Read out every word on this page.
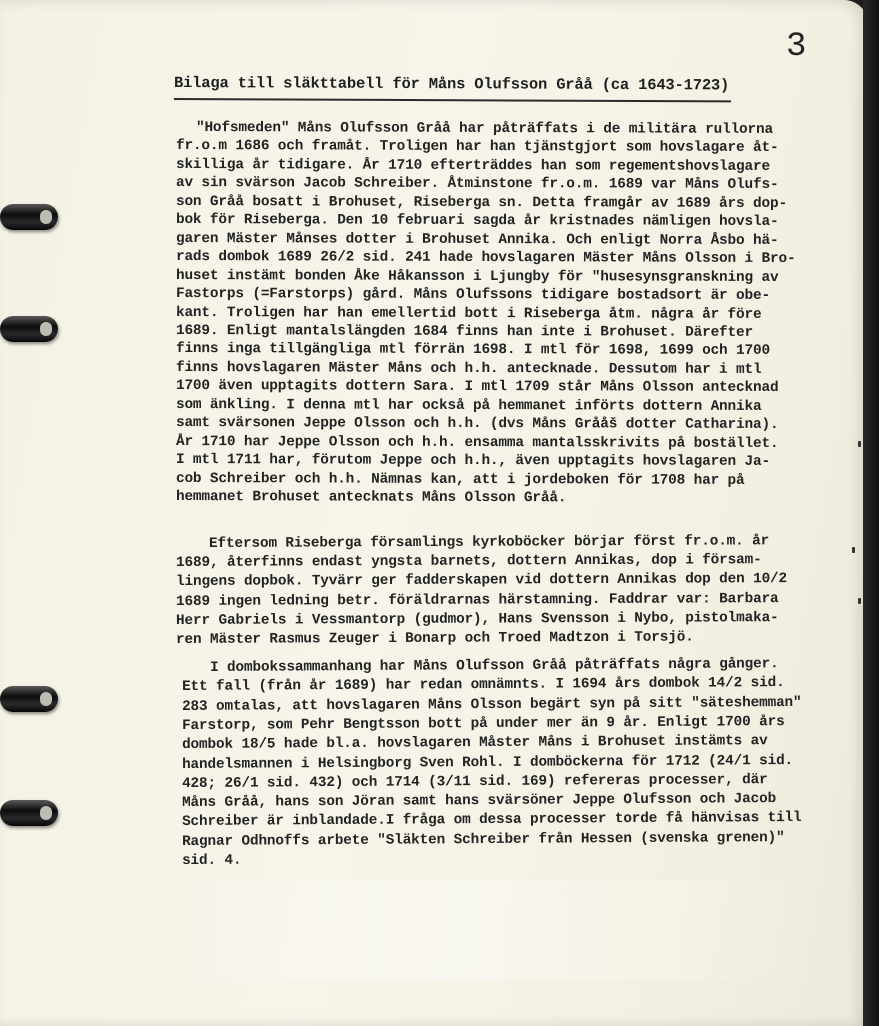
3
Bilaga till släkttabell för Måns Olufsson Gråå (ca 1643-1723)
"Hofsmeden" Måns Olufsson Gråå har påträffats i de militära rullorna
fr.o.m 1686 och framåt. Troligen har han tjänstgjort som hovslagare åt-
skilliga år tidigare. År 1710 efterträddes han som regementshovslagare
av sin svärson Jacob Schreiber. Åtminstone fr.o.m. 1689 var Måns Olufs-
son Gråå bosatt i Brohuset, Riseberga sn. Detta framgår av 1689 års dop-
bok för Riseberga. Den 10 februari sagda år kristnades nämligen hovsla-
garen Mäster Månses dotter i Brohuset Annika. Och enligt Norra Åsbo hä-
rads dombok 1689 26/2 sid. 241 hade hovslagaren Mäster Måns Olsson i Bro-
huset instämt bonden Åke Håkansson i Ljungby för "husesynsgranskning av
Fastorps (=Farstorps) gård. Måns Olufssons tidigare bostadsort är obe-
kant. Troligen har han emellertid bott i Riseberga åtm. några år före
1689. Enligt mantalslängden 1684 finns han inte i Brohuset. Därefter
finns inga tillgängliga mtl förrän 1698. I mtl för 1698, 1699 och 1700
finns hovslagaren Mäster Måns och h.h. antecknade. Dessutom har i mtl
1700 även upptagits dottern Sara. I mtl 1709 står Måns Olsson antecknad
som änkling. I denna mtl har också på hemmanet införts dottern Annika
samt svärsonen Jeppe Olsson och h.h. (dvs Måns Grååš dotter Catharina).
År 1710 har Jeppe Olsson och h.h. ensamma mantalsskrivits på bostället.
I mtl 1711 har, förutom Jeppe och h.h., även upptagits hovslagaren Ja-
cob Schreiber och h.h. Nämnas kan, att i jordeboken för 1708 har på
hemmanet Brohuset antecknats Måns Olsson Gråå.
Eftersom Riseberga församlings kyrkoböcker börjar först fr.o.m. år
1689, återfinns endast yngsta barnets, dottern Annikas, dop i försam-
lingens dopbok. Tyvärr ger fadderskapen vid dottern Annikas dop den 10/2
1689 ingen ledning betr. föräldrarnas härstamning. Faddrar var: Barbara
Herr Gabriels i Vessmantorp (gudmor), Hans Svensson i Nybo, pistolmaka-
ren Mäster Rasmus Zeuger i Bonarp och Troed Madtzon i Torsjö.
I dombokssammanhang har Måns Olufsson Gråå påträffats några gånger.
Ett fall (från år 1689) har redan omnämnts. I 1694 års dombok 14/2 sid.
283 omtalas, att hovslagaren Måns Olsson begärt syn på sitt "säteshemman"
Farstorp, som Pehr Bengtsson bott på under mer än 9 år. Enligt 1700 års
dombok 18/5 hade bl.a. hovslagaren Måster Måns i Brohuset instämts av
handelsmannen i Helsingborg Sven Rohl. I domböckerna för 1712 (24/1 sid.
428; 26/1 sid. 432) och 1714 (3/11 sid. 169) refereras processer, där
Måns Gråå, hans son Jöran samt hans svärsöner Jeppe Olufsson och Jacob
Schreiber är inblandade.I fråga om dessa processer torde få hänvisas till
Ragnar Odhnoffs arbete "Släkten Schreiber från Hessen (svenska grenen)"
sid. 4.
